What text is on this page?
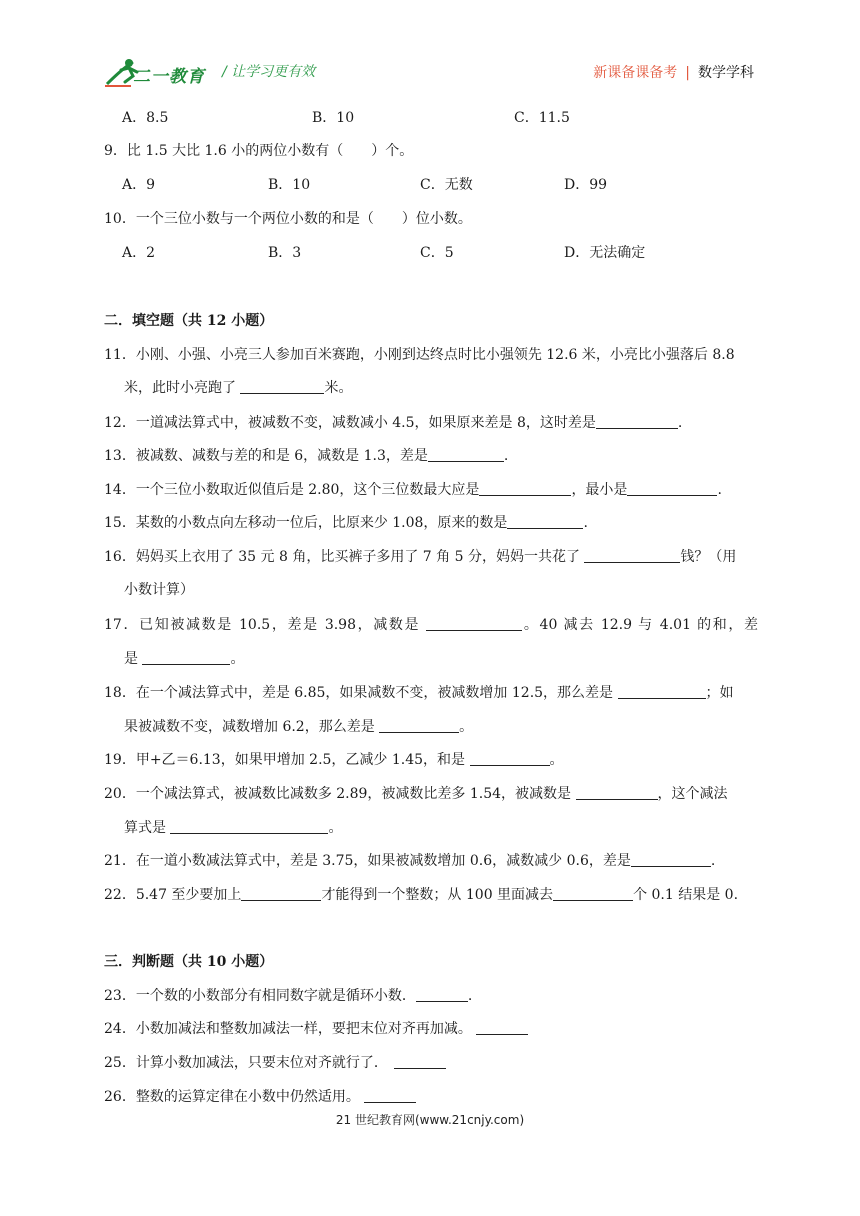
二一教育 / 让学习更有效	新课备课备考 | 数学学科
A．8.5	B．10	C．11.5
9．比 1.5 大比 1.6 小的两位小数有（　　）个。
A．9	B．10	C．无数	D．99
10．一个三位小数与一个两位小数的和是（　　）位小数。
A．2	B．3	C．5	D．无法确定
二．填空题（共 12 小题）
11．小刚、小强、小亮三人参加百米赛跑，小刚到达终点时比小强领先 12.6 米，小亮比小强落后 8.8
米，此时小亮跑了	米。
12．一道减法算式中，被减数不变，减数减小 4.5，如果原来差是 8，这时差是	.
13．被减数、减数与差的和是 6，减数是 1.3，差是	.
14．一个三位小数取近似值后是 2.80，这个三位数最大应是	，最小是	.
15．某数的小数点向左移动一位后，比原来少 1.08，原来的数是	.
16．妈妈买上衣用了 35 元 8 角，比买裤子多用了 7 角 5 分，妈妈一共花了	钱？（用
小数计算）
17．已知被减数是 10.5，差是 3.98，减数是	。40 减去 12.9 与 4.01 的和，差
是	。
18．在一个减法算式中，差是 6.85，如果减数不变，被减数增加 12.5，那么差是	；如
果被减数不变，减数增加 6.2，那么差是	。
19．甲+乙＝6.13，如果甲增加 2.5，乙减少 1.45，和是	。
20．一个减法算式，被减数比减数多 2.89，被减数比差多 1.54，被减数是	，这个减法
算式是	。
21．在一道小数减法算式中，差是 3.75，如果被减数增加 0.6，减数减少 0.6，差是	.
22．5.47 至少要加上	才能得到一个整数；从 100 里面减去	个 0.1 结果是 0.
三．判断题（共 10 小题）
23．一个数的小数部分有相同数字就是循环小数．	.
24．小数加减法和整数加减法一样，要把末位对齐再加减。
25．计算小数加减法，只要末位对齐就行了．
26．整数的运算定律在小数中仍然适用。
21 世纪教育网(www.21cnjy.com)
